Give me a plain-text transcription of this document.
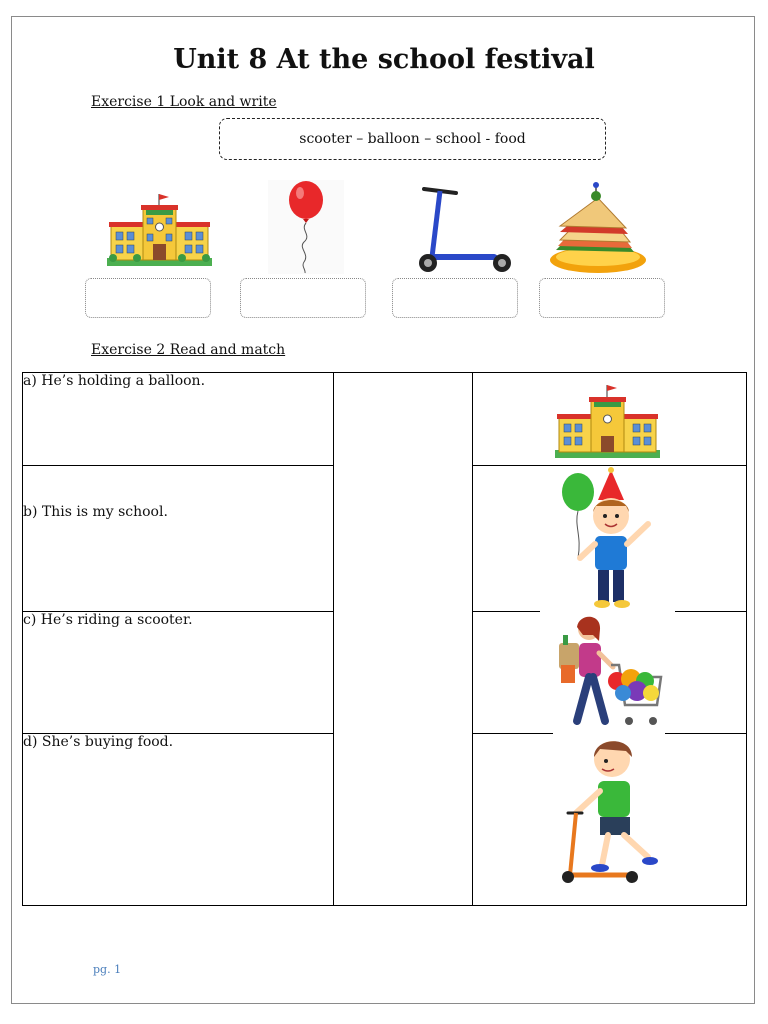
Unit 8 At the school festival
Exercise 1 Look and write
scooter – balloon – school - food
Exercise 2 Read and match
a) He’s holding a balloon.		
b) This is my school.		
c) He’s riding a scooter.		
d) She’s buying food.		
pg. 1
